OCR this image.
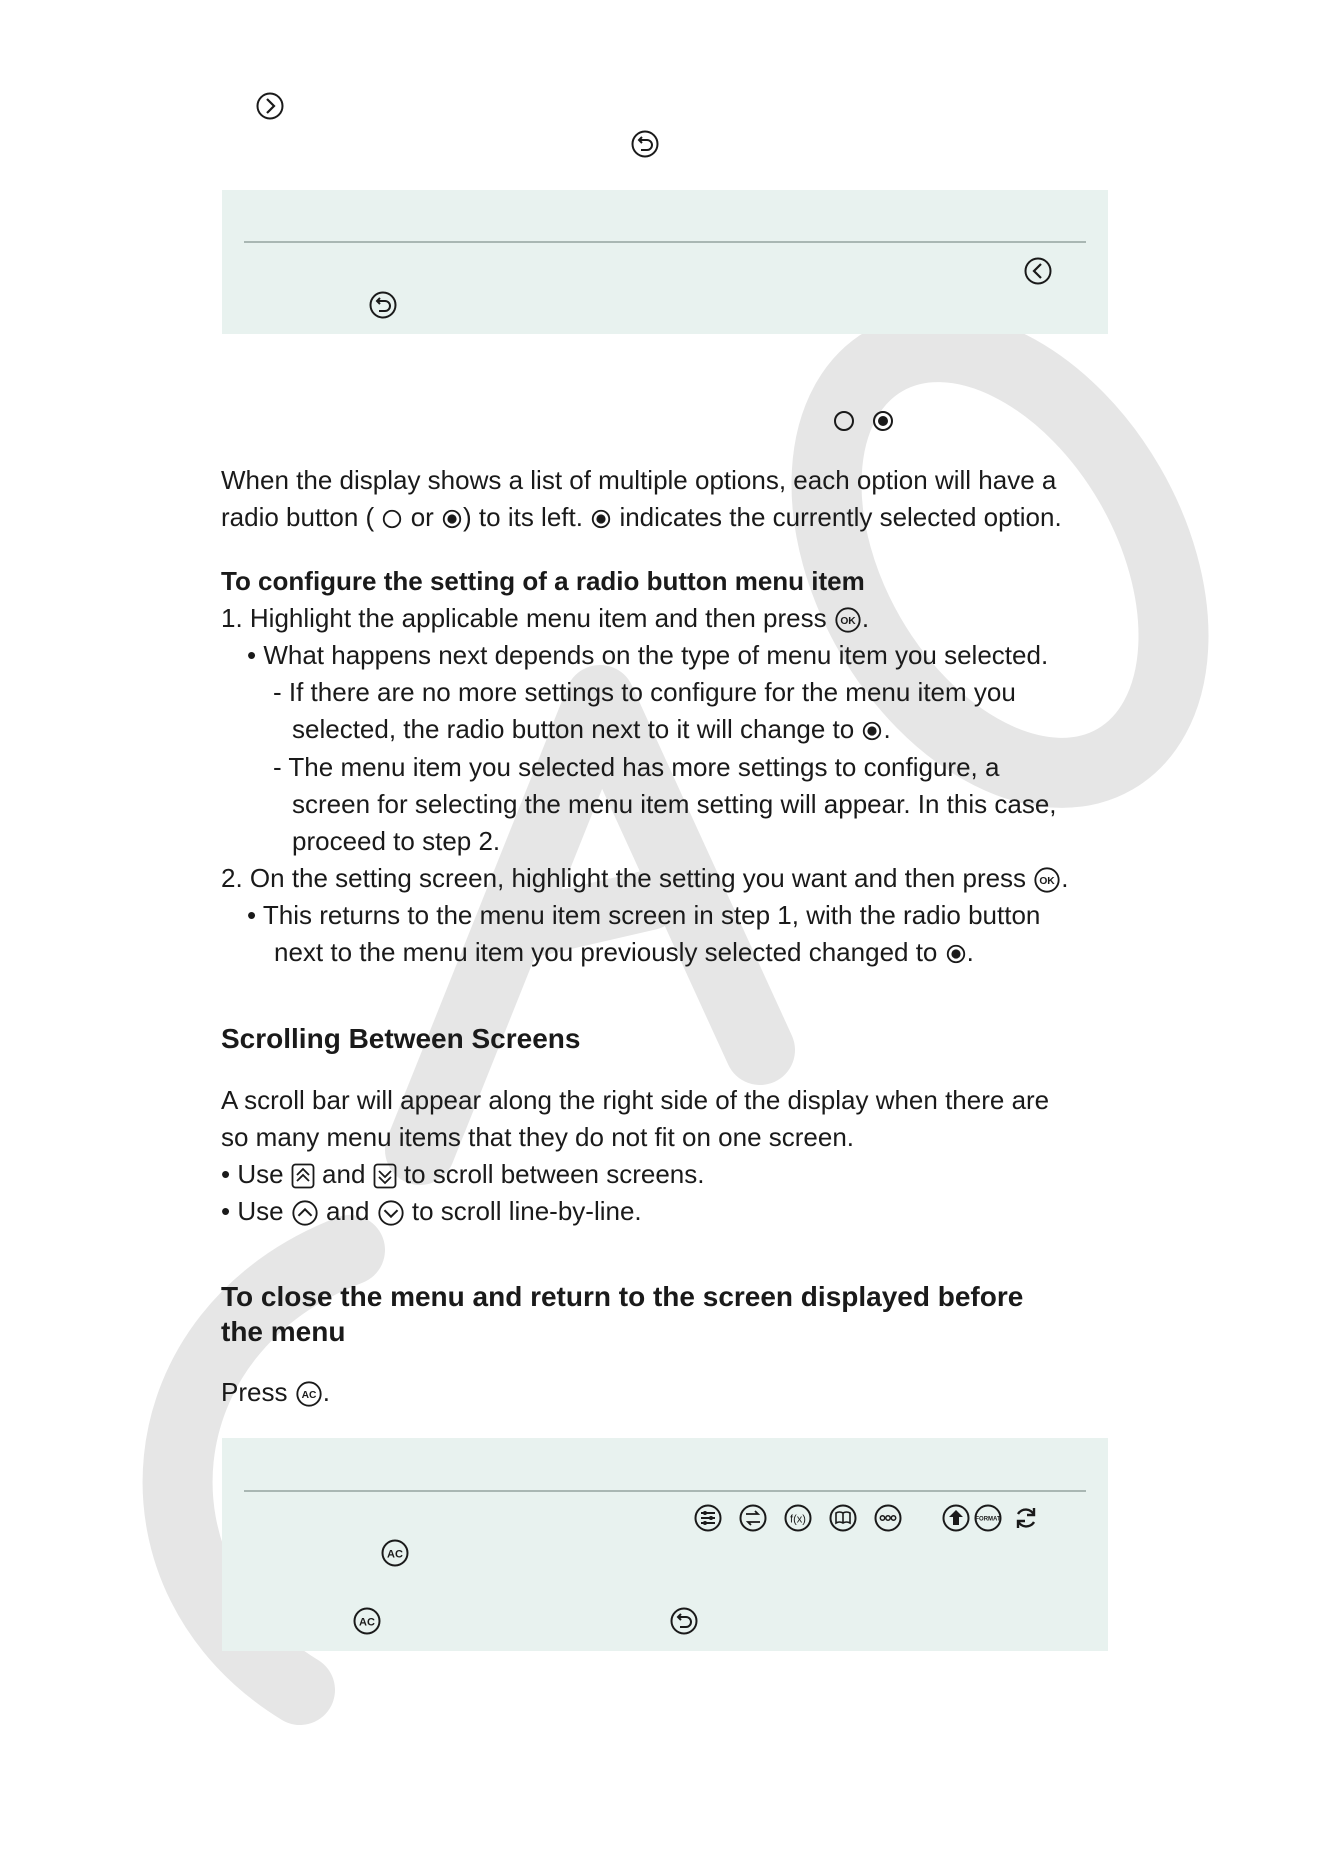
When the display shows a list of multiple options, each option will have a
radio button ( or ) to its left. indicates the currently selected option.
To configure the setting of a radio button menu item
1. Highlight the applicable menu item and then press OK .
• What happens next depends on the type of menu item you selected.
- If there are no more settings to configure for the menu item you
selected, the radio button next to it will change to .
- The menu item you selected has more settings to configure, a
screen for selecting the menu item setting will appear. In this case,
proceed to step 2.
2. On the setting screen, highlight the setting you want and then press OK .
• This returns to the menu item screen in step 1, with the radio button
next to the menu item you previously selected changed to .
Scrolling Between Screens
A scroll bar will appear along the right side of the display when there are
so many menu items that they do not fit on one screen.
• Use and to scroll between screens.
• Use and to scroll line-by-line.
To close the menu and return to the screen displayed before
the menu
Press AC .
f(x)	FORMAT
AC
AC
